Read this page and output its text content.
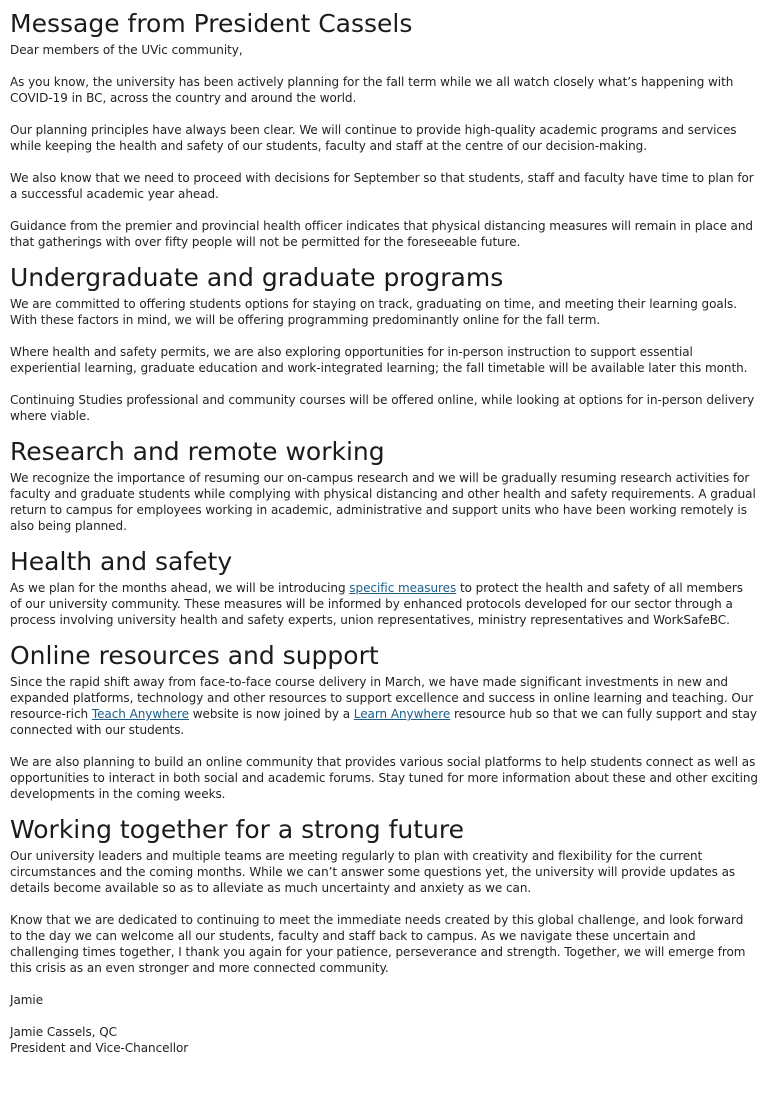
Message from President Cassels

Dear members of the UVic community,

As you know, the university has been actively planning for the fall term while we all watch closely what’s happening with COVID-19 in BC, across the country and around the world.

Our planning principles have always been clear. We will continue to provide high-quality academic programs and services while keeping the health and safety of our students, faculty and staff at the centre of our decision-making.

We also know that we need to proceed with decisions for September so that students, staff and faculty have time to plan for a successful academic year ahead.

Guidance from the premier and provincial health officer indicates that physical distancing measures will remain in place and that gatherings with over fifty people will not be permitted for the foreseeable future.

Undergraduate and graduate programs

We are committed to offering students options for staying on track, graduating on time, and meeting their learning goals. With these factors in mind, we will be offering programming predominantly online for the fall term.

Where health and safety permits, we are also exploring opportunities for in-person instruction to support essential experiential learning, graduate education and work-integrated learning; the fall timetable will be available later this month.

Continuing Studies professional and community courses will be offered online, while looking at options for in-person delivery where viable.

Research and remote working

We recognize the importance of resuming our on-campus research and we will be gradually resuming research activities for faculty and graduate students while complying with physical distancing and other health and safety requirements. A gradual return to campus for employees working in academic, administrative and support units who have been working remotely is also being planned.

Health and safety

As we plan for the months ahead, we will be introducing specific measures to protect the health and safety of all members of our university community. These measures will be informed by enhanced protocols developed for our sector through a process involving university health and safety experts, union representatives, ministry representatives and WorkSafeBC.

Online resources and support

Since the rapid shift away from face-to-face course delivery in March, we have made significant investments in new and expanded platforms, technology and other resources to support excellence and success in online learning and teaching. Our resource-rich Teach Anywhere website is now joined by a Learn Anywhere resource hub so that we can fully support and stay connected with our students.

We are also planning to build an online community that provides various social platforms to help students connect as well as opportunities to interact in both social and academic forums. Stay tuned for more information about these and other exciting developments in the coming weeks.

Working together for a strong future

Our university leaders and multiple teams are meeting regularly to plan with creativity and flexibility for the current circumstances and the coming months. While we can’t answer some questions yet, the university will provide updates as details become available so as to alleviate as much uncertainty and anxiety as we can.

Know that we are dedicated to continuing to meet the immediate needs created by this global challenge, and look forward to the day we can welcome all our students, faculty and staff back to campus. As we navigate these uncertain and challenging times together, I thank you again for your patience, perseverance and strength. Together, we will emerge from this crisis as an even stronger and more connected community.

Jamie

Jamie Cassels, QC

President and Vice-Chancellor
